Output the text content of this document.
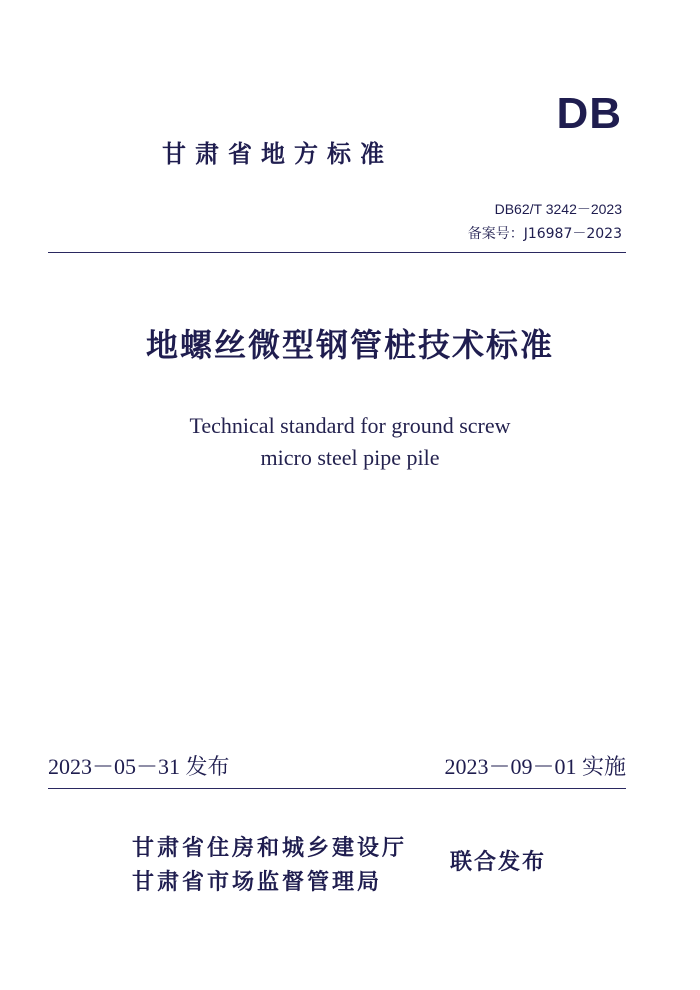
DB
甘肃省地方标准
DB62/T 3242－2023
备案号：J16987－2023
地螺丝微型钢管桩技术标准
Technical standard for ground screw
micro steel pipe pile
2023－05－31 发布	2023－09－01 实施
甘肃省住房和城乡建设厅
甘肃省市场监督管理局
联合发布
